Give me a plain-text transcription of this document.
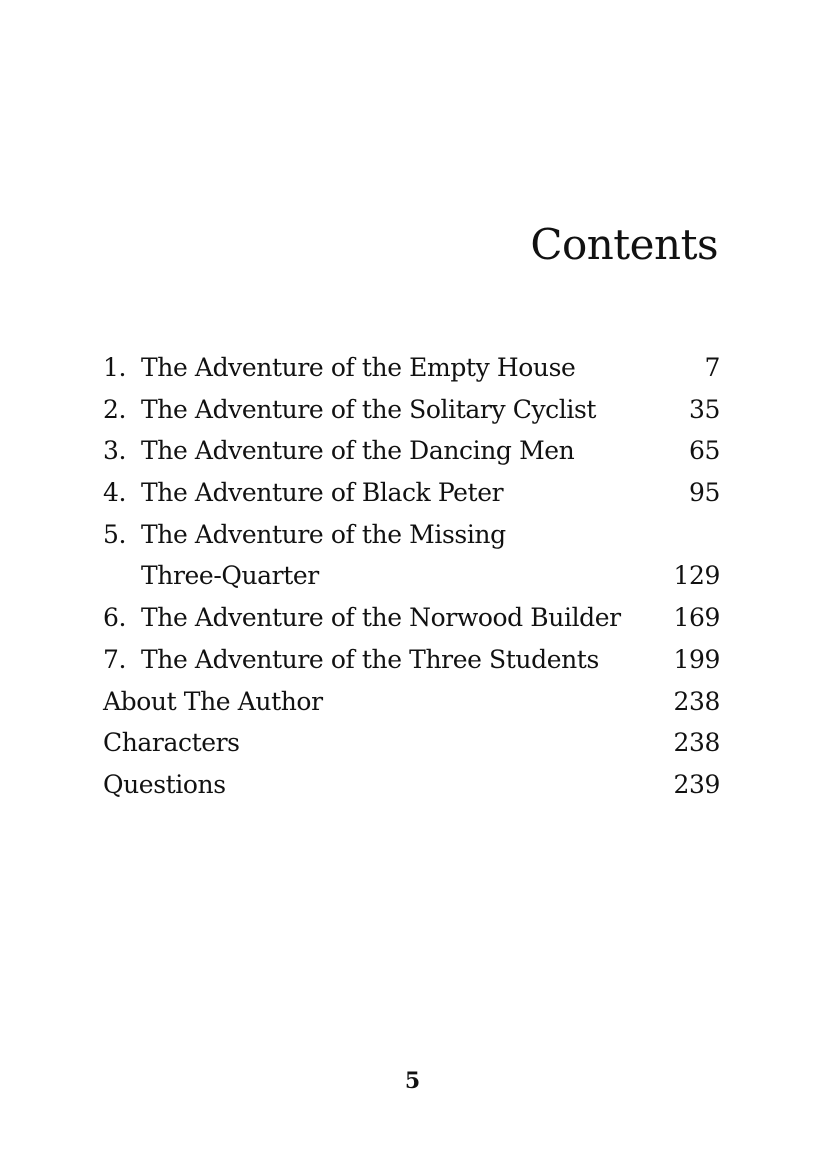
Contents
1. The Adventure of the Empty House	7
2. The Adventure of the Solitary Cyclist	35
3. The Adventure of the Dancing Men	65
4. The Adventure of Black Peter	95
5. The Adventure of the Missing
Three-Quarter	129
6. The Adventure of the Norwood Builder	169
7. The Adventure of the Three Students	199
About The Author	238
Characters	238
Questions	239
5
